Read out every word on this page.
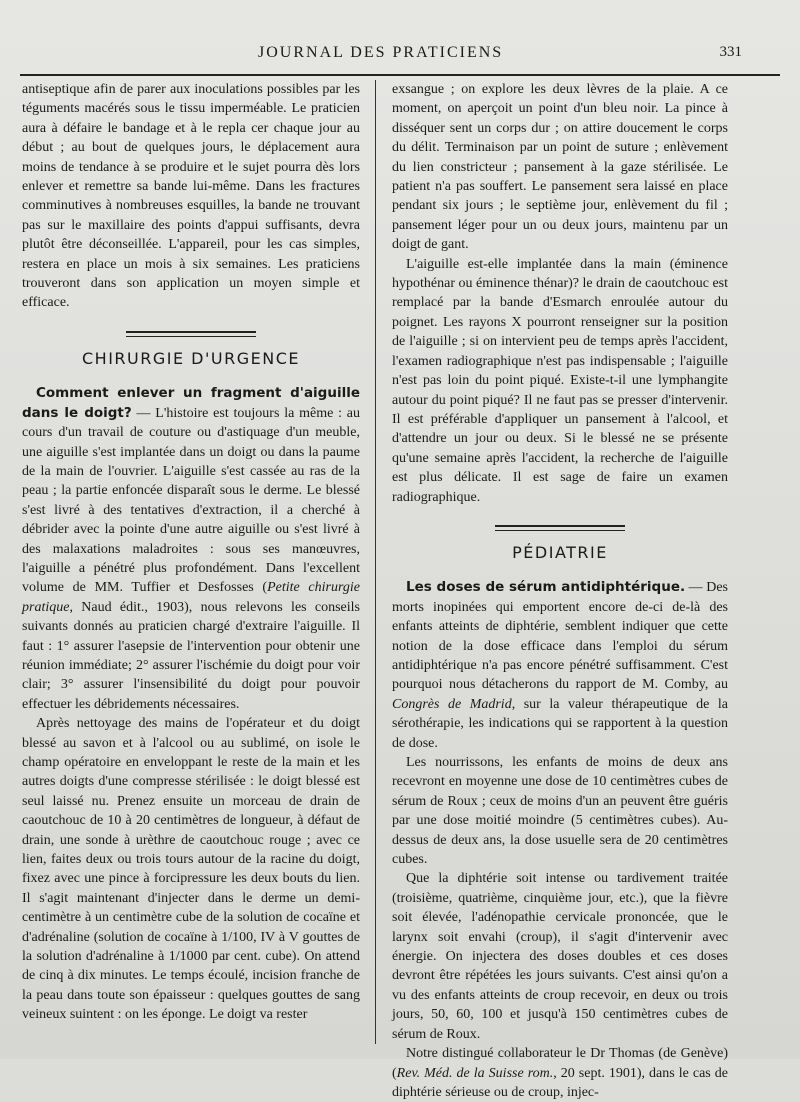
JOURNAL DES PRATICIENS	331

antiseptique afin de parer aux inoculations possibles par les téguments macérés sous le tissu imperméable. Le praticien aura à défaire le bandage et à le repla cer chaque jour au début ; au bout de quelques jours, le déplacement aura moins de tendance à se produire et le sujet pourra dès lors enlever et remettre sa bande lui-même. Dans les fractures comminutives à nombreuses esquilles, la bande ne trouvant pas sur le maxillaire des points d'appui suffisants, devra plutôt être déconseillée. L'appareil, pour les cas simples, restera en place un mois à six semaines. Les praticiens trouveront dans son application un moyen simple et efficace.

CHIRURGIE D'URGENCE

Comment enlever un fragment d'aiguille dans le doigt? — L'histoire est toujours la même : au cours d'un travail de couture ou d'astiquage d'un meuble, une aiguille s'est implantée dans un doigt ou dans la paume de la main de l'ouvrier. L'aiguille s'est cassée au ras de la peau ; la partie enfoncée disparaît sous le derme. Le blessé s'est livré à des tentatives d'extraction, il a cherché à débrider avec la pointe d'une autre aiguille ou s'est livré à des malaxations maladroites : sous ses manœuvres, l'aiguille a pénétré plus profondément. Dans l'excellent volume de MM. Tuffier et Desfosses (Petite chirurgie pratique, Naud édit., 1903), nous relevons les conseils suivants donnés au praticien chargé d'extraire l'aiguille. Il faut : 1° assurer l'asepsie de l'intervention pour obtenir une réunion immédiate; 2° assurer l'ischémie du doigt pour voir clair; 3° assurer l'insensibilité du doigt pour pouvoir effectuer les débridements nécessaires.

Après nettoyage des mains de l'opérateur et du doigt blessé au savon et à l'alcool ou au sublimé, on isole le champ opératoire en enveloppant le reste de la main et les autres doigts d'une compresse stérilisée : le doigt blessé est seul laissé nu. Prenez ensuite un morceau de drain de caoutchouc de 10 à 20 centimètres de longueur, à défaut de drain, une sonde à urèthre de caoutchouc rouge ; avec ce lien, faites deux ou trois tours autour de la racine du doigt, fixez avec une pince à forcipressure les deux bouts du lien. Il s'agit maintenant d'injecter dans le derme un demi-centimètre à un centimètre cube de la solution de cocaïne et d'adrénaline (solution de cocaïne à 1/100, IV à V gouttes de la solution d'adrénaline à 1/1000 par cent. cube). On attend de cinq à dix minutes. Le temps écoulé, incision franche de la peau dans toute son épaisseur : quelques gouttes de sang veineux suintent : on les éponge. Le doigt va rester

exsangue ; on explore les deux lèvres de la plaie. A ce moment, on aperçoit un point d'un bleu noir. La pince à disséquer sent un corps dur ; on attire doucement le corps du délit. Terminaison par un point de suture ; enlèvement du lien constricteur ; pansement à la gaze stérilisée. Le patient n'a pas souffert. Le pansement sera laissé en place pendant six jours ; le septième jour, enlèvement du fil ; pansement léger pour un ou deux jours, maintenu par un doigt de gant.

L'aiguille est-elle implantée dans la main (éminence hypothénar ou éminence thénar)? le drain de caoutchouc est remplacé par la bande d'Esmarch enroulée autour du poignet. Les rayons X pourront renseigner sur la position de l'aiguille ; si on intervient peu de temps après l'accident, l'examen radiographique n'est pas indispensable ; l'aiguille n'est pas loin du point piqué. Existe-t-il une lymphangite autour du point piqué? Il ne faut pas se presser d'intervenir. Il est préférable d'appliquer un pansement à l'alcool, et d'attendre un jour ou deux. Si le blessé ne se présente qu'une semaine après l'accident, la recherche de l'aiguille est plus délicate. Il est sage de faire un examen radiographique.

PÉDIATRIE

Les doses de sérum antidiphtérique. — Des morts inopinées qui emportent encore de-ci de-là des enfants atteints de diphtérie, semblent indiquer que cette notion de la dose efficace dans l'emploi du sérum antidiphtérique n'a pas encore pénétré suffisamment. C'est pourquoi nous détacherons du rapport de M. Comby, au Congrès de Madrid, sur la valeur thérapeutique de la sérothérapie, les indications qui se rapportent à la question de dose.

Les nourrissons, les enfants de moins de deux ans recevront en moyenne une dose de 10 centimètres cubes de sérum de Roux ; ceux de moins d'un an peuvent être guéris par une dose moitié moindre (5 centimètres cubes). Au-dessus de deux ans, la dose usuelle sera de 20 centimètres cubes.

Que la diphtérie soit intense ou tardivement traitée (troisième, quatrième, cinquième jour, etc.), que la fièvre soit élevée, l'adénopathie cervicale prononcée, que le larynx soit envahi (croup), il s'agit d'intervenir avec énergie. On injectera des doses doubles et ces doses devront être répétées les jours suivants. C'est ainsi qu'on a vu des enfants atteints de croup recevoir, en deux ou trois jours, 50, 60, 100 et jusqu'à 150 centimètres cubes de sérum de Roux.

Notre distingué collaborateur le Dr Thomas (de Genève) (Rev. Méd. de la Suisse rom., 20 sept. 1901), dans le cas de diphtérie sérieuse ou de croup, injec-
